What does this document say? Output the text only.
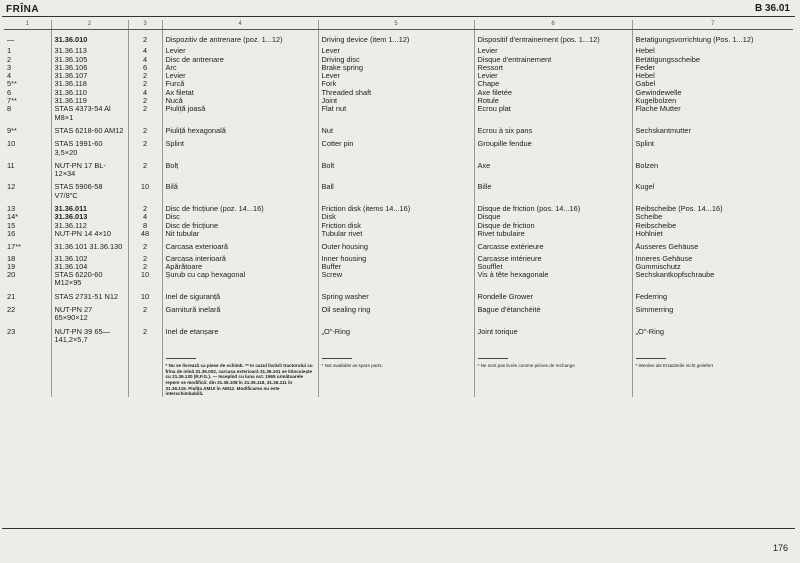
FRÎNA	B 36.01
1	2	3	4	5	6	7
—	31.36.010	2	Dispozitiv de antrenare (poz. 1...12)	Driving device (item 1...12)	Dispositif d'entrainement (pos. 1...12)	Betatigungsvorrichtung (Pos. 1...12)
1	31.36.113	4	Levier	Lever	Levier	Hebel
2	31.36.105	4	Disc de antrenare	Driving disc	Disque d'entrainement	Betätigungsscheibe
3	31.36.106	6	Arc	Brake spring	Ressort	Feder
4	31.36.107	2	Levier	Lever	Levier	Hebel
5**	31.36.118	2	Furcă	Fork	Chape	Gabel
6	31.36.110	4	Ax filetat	Threaded shaft	Axe filetée	Gewindewelle
7**	31.36.119	2	Nucă	Joint	Rotule	Kugelbolzen
8	STAS 4373-54 Al M8×1	2	Piuliță joasă	Flat nut	Ecrou plat	Flache Mutter
9**	STAS 6218-60 AM12	2	Piuliță hexagonală	Nut	Ecrou à six pans	Sechskantmutter
10	STAS 1991-60 3,5×20	2	Splint	Cotter pin	Groupille fendue	Splint
11	NUT-PN 17 BL-12×34	2	Bolț	Bolt	Axe	Bolzen
12	STAS 5906-58 V7/8"C	10	Bilă	Ball	Bille	Kugel
13	31.36.011	2	Disc de fricțiune (poz. 14...16)	Friction disk (items 14...16)	Disque de friction (pos. 14...16)	Reibscheibe (Pos. 14...16)
14*	31.36.013	4	Disc	Disk	Disque	Scheibe
15	31.36.112	8	Disc de fricțiune	Friction disk	Disque de friction	Reibscheibe
16	NUT-PN 14 4×10	48	Nit tubular	Tubular rivet	Rivet tubulaire	Hohlniet
17**	31.36.101 31.36.130	2	Carcasa exterioară	Outer housing	Carcasse extérieure	Äusseres Gehäuse
18	31.36.102	2	Carcasa interioară	Inner housing	Carcasse intérieure	Inneres Gehäuse
19	31.36.104	2	Apărătoare	Buffer	Soufflet	Gummischutz
20	STAS 6220-60 M12×95	10	Șurub cu cap hexagonal	Screw	Vis à tête hexagonale	Sechskantkopfschraube
21	STAS 2731-51 N12	10	Inel de siguranță	Spring washer	Rondelle Grower	Federring
22	NUT-PN 27 65×90×12	2	Garnitură inelară	Oil sealing ring	Bague d'étanchéité	Simmerring
23	NUT-PN 39 65—141,2×5,7	2	Inel de etanșare	„O"-Ring	Joint torique	„O"-Ring

* Nu se livrează ca piese de schimb. ** In cazul livrării tractorului cu frîna de mînă 31.36.002, carcasa exterioară 31.36.101 se înlocuiește cu 31.36.130 (R.F.G.). — Incepînd cu luna oct. 1965 următoarele repere se modifică: din 31.36.108 în 31.36.118, 31.36.111 în 31.36.119. Piulița AM10 în AM12. Modificarea nu este interschimbabilă.	* Not available as spare parts.	* Ne sont pas livrés comme pièces de rechange	* Werden als Ersatzteile nicht geliefert
176
